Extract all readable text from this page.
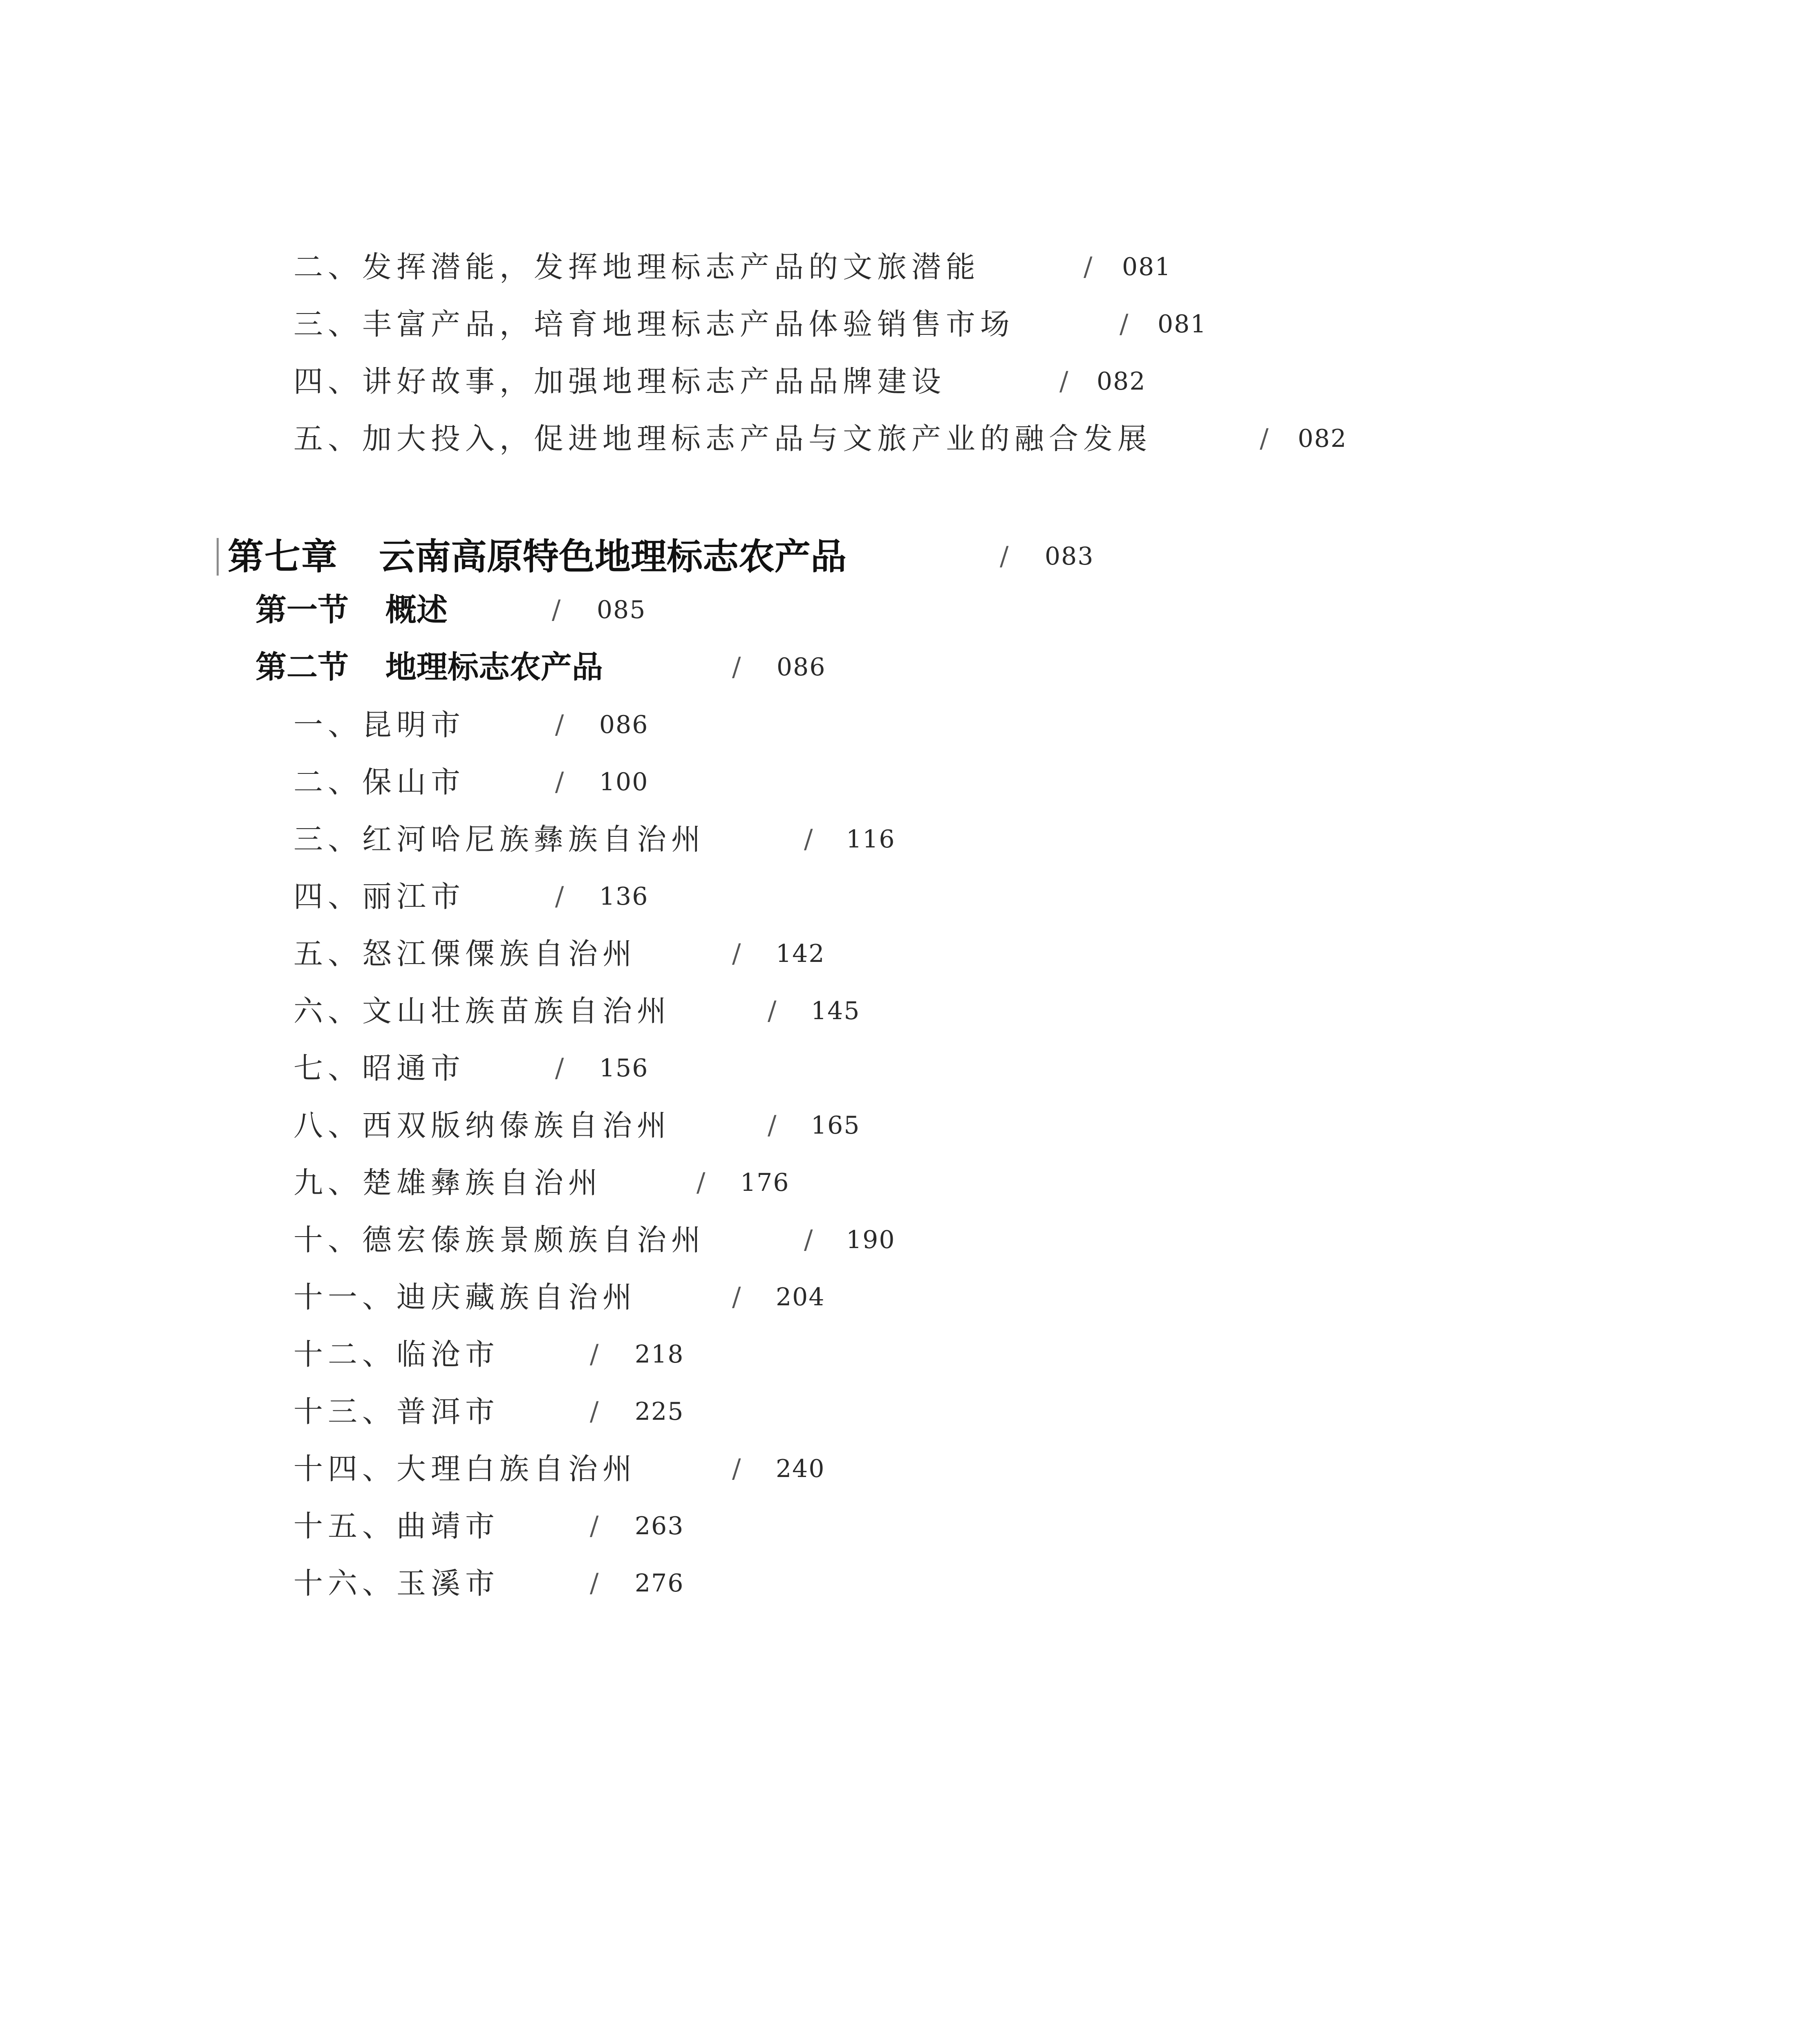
二、发挥潜能，发挥地理标志产品的文旅潜能	/ 081
三、丰富产品，培育地理标志产品体验销售市场	/ 081
四、讲好故事，加强地理标志产品品牌建设	/ 082
五、加大投入，促进地理标志产品与文旅产业的融合发展	/ 082
第七章 云南高原特色地理标志农产品	/ 083
第一节 概述	/ 085
第二节 地理标志农产品	/ 086
一、昆明市	/ 086
二、保山市	/ 100
三、红河哈尼族彝族自治州	/ 116
四、丽江市	/ 136
五、怒江傈僳族自治州	/ 142
六、文山壮族苗族自治州	/ 145
七、昭通市	/ 156
八、西双版纳傣族自治州	/ 165
九、楚雄彝族自治州	/ 176
十、德宏傣族景颇族自治州	/ 190
十一、迪庆藏族自治州	/ 204
十二、临沧市	/ 218
十三、普洱市	/ 225
十四、大理白族自治州	/ 240
十五、曲靖市	/ 263
十六、玉溪市	/ 276
